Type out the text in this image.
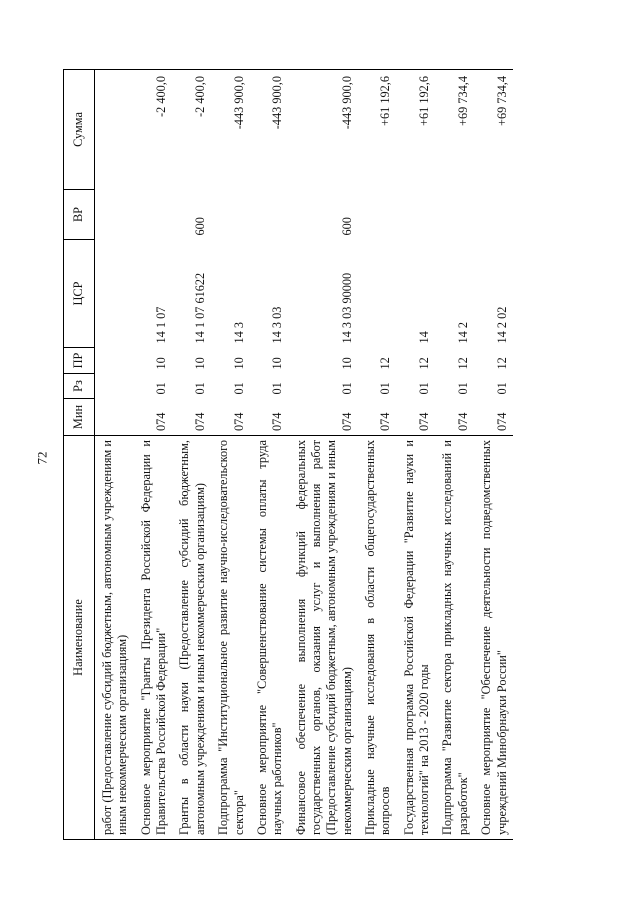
72
Наименование	Мин	Рз	ПР	ЦСР	ВР	Сумма
работ (Предоставление субсидий бюджетным, автономным учреждениям и иным некоммерческим организациям)						
Основное мероприятие "Гранты Президента Российской Федерации и Правительства Российской Федерации"	074	01	10	14 1 07		-2 400,0
Гранты в области науки (Предоставление субсидий бюджетным, автономным учреждениям и иным некоммерческим организациям)	074	01	10	14 1 07 61622	600	-2 400,0
Подпрограмма "Институциональное развитие научно-исследовательского сектора"	074	01	10	14 3		-443 900,0
Основное мероприятие "Совершенствование системы оплаты труда научных работников"	074	01	10	14 3 03		-443 900,0
Финансовое обеспечение выполнения функций федеральных государственных органов, оказания услуг и выполнения работ (Предоставление субсидий бюджетным, автономным учреждениям и иным некоммерческим организациям)	074	01	10	14 3 03 90000	600	-443 900,0
Прикладные научные исследования в области общегосударственных вопросов	074	01	12			+61 192,6
Государственная программа Российской Федерации "Развитие науки и технологий" на 2013 - 2020 годы	074	01	12	14		+61 192,6
Подпрограмма "Развитие сектора прикладных научных исследований и разработок"	074	01	12	14 2		+69 734,4
Основное мероприятие "Обеспечение деятельности подведомственных учреждений Минобрнауки России"	074	01	12	14 2 02		+69 734,4
